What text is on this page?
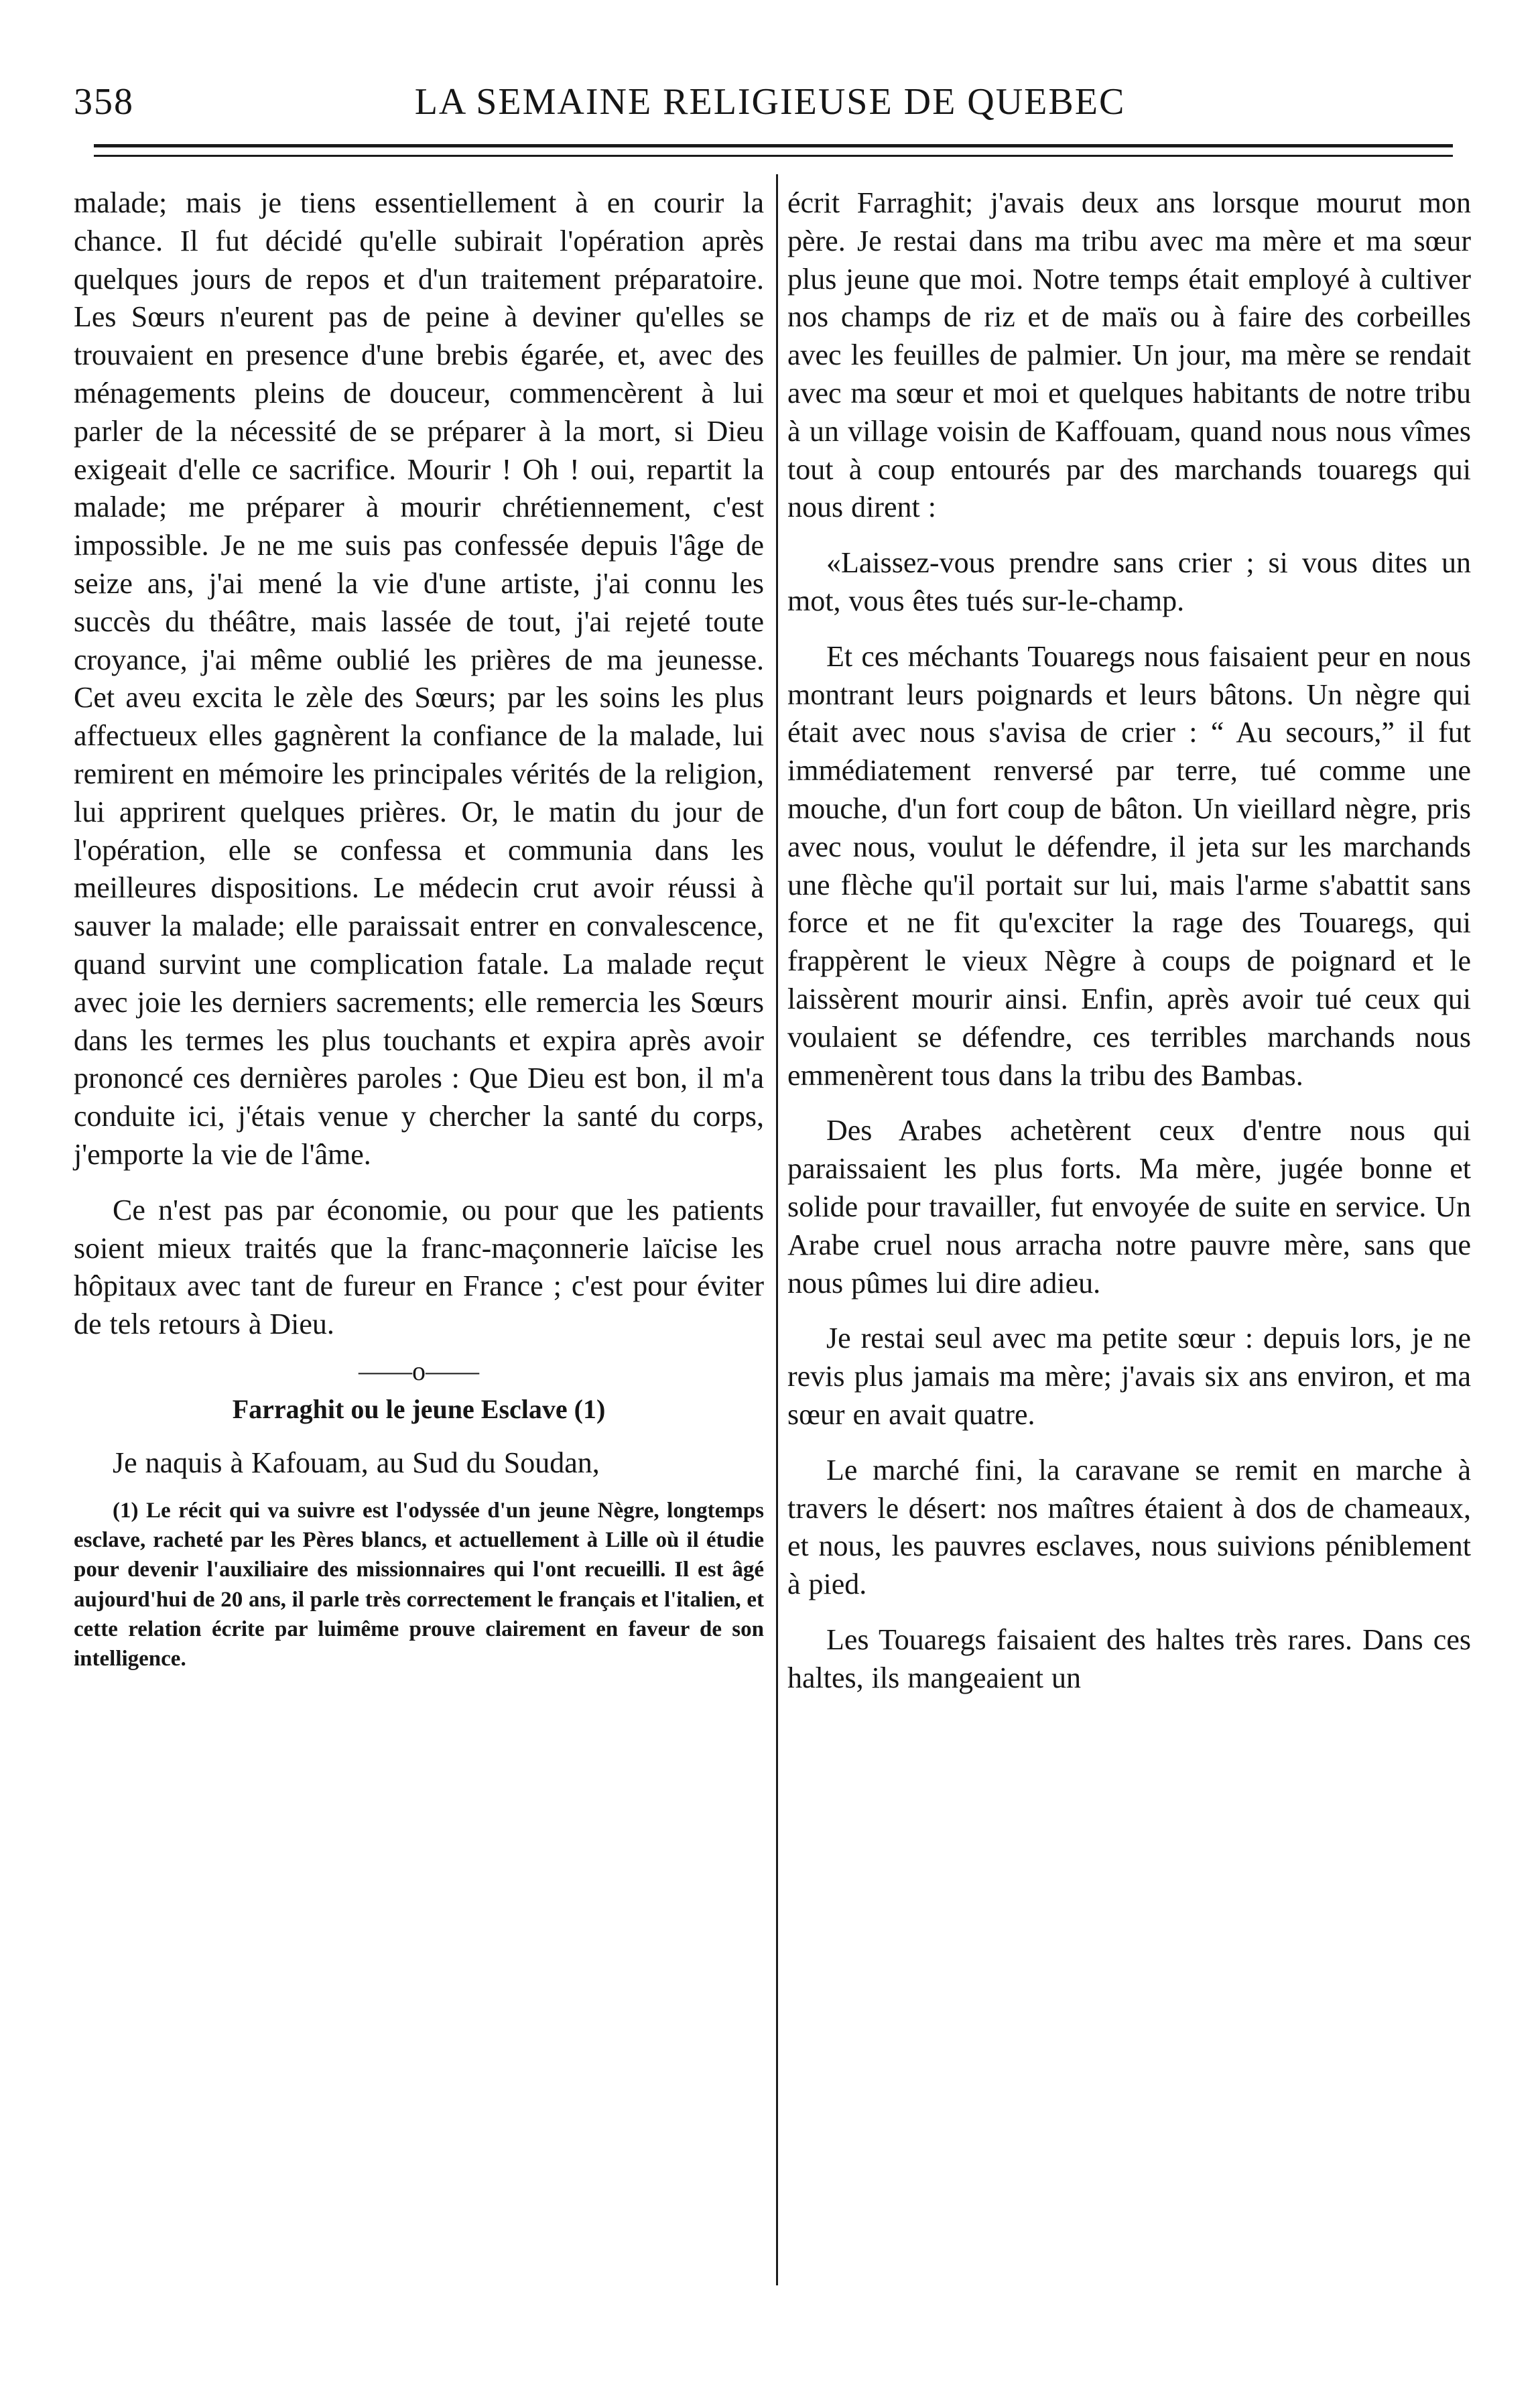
358	LA SEMAINE RELIGIEUSE DE QUEBEC

malade; mais je tiens essentiellement à en courir la chance. Il fut décidé qu'elle subirait l'opération après quelques jours de repos et d'un traitement préparatoire. Les Sœurs n'eurent pas de peine à deviner qu'elles se trouvaient en presence d'une brebis égarée, et, avec des ménagements pleins de douceur, commencèrent à lui parler de la nécessité de se préparer à la mort, si Dieu exigeait d'elle ce sacrifice. Mourir ! Oh ! oui, repartit la malade; me préparer à mourir chrétiennement, c'est impossible. Je ne me suis pas confessée depuis l'âge de seize ans, j'ai mené la vie d'une artiste, j'ai connu les succès du théâtre, mais lassée de tout, j'ai rejeté toute croyance, j'ai même oublié les prières de ma jeunesse. Cet aveu excita le zèle des Sœurs; par les soins les plus affectueux elles gagnèrent la confiance de la malade, lui remirent en mémoire les principales vérités de la religion, lui apprirent quelques prières. Or, le matin du jour de l'opération, elle se confessa et communia dans les meilleures dispositions. Le médecin crut avoir réussi à sauver la malade; elle paraissait entrer en convalescence, quand survint une complication fatale. La malade reçut avec joie les derniers sacrements; elle remercia les Sœurs dans les termes les plus touchants et expira après avoir prononcé ces dernières paroles : Que Dieu est bon, il m'a conduite ici, j'étais venue y chercher la santé du corps, j'emporte la vie de l'âme.

Ce n'est pas par économie, ou pour que les patients soient mieux traités que la franc-maçonnerie laïcise les hôpitaux avec tant de fureur en France ; c'est pour éviter de tels retours à Dieu.

——o——
Farraghit ou le jeune Esclave (1)

Je naquis à Kafouam, au Sud du Soudan,

(1) Le récit qui va suivre est l'odyssée d'un jeune Nègre, longtemps esclave, racheté par les Pères blancs, et actuellement à Lille où il étudie pour devenir l'auxiliaire des missionnaires qui l'ont recueilli. Il est âgé aujourd'hui de 20 ans, il parle très correctement le français et l'italien, et cette relation écrite par luimême prouve clairement en faveur de son intelligence.

écrit Farraghit; j'avais deux ans lorsque mourut mon père. Je restai dans ma tribu avec ma mère et ma sœur plus jeune que moi. Notre temps était employé à cultiver nos champs de riz et de maïs ou à faire des corbeilles avec les feuilles de palmier. Un jour, ma mère se rendait avec ma sœur et moi et quelques habitants de notre tribu à un village voisin de Kaffouam, quand nous nous vîmes tout à coup entourés par des marchands touaregs qui nous dirent :

«Laissez-vous prendre sans crier ; si vous dites un mot, vous êtes tués sur-le-champ.

Et ces méchants Touaregs nous faisaient peur en nous montrant leurs poignards et leurs bâtons. Un nègre qui était avec nous s'avisa de crier : “ Au secours,” il fut immédiatement renversé par terre, tué comme une mouche, d'un fort coup de bâton. Un vieillard nègre, pris avec nous, voulut le défendre, il jeta sur les marchands une flèche qu'il portait sur lui, mais l'arme s'abattit sans force et ne fit qu'exciter la rage des Touaregs, qui frappèrent le vieux Nègre à coups de poignard et le laissèrent mourir ainsi. Enfin, après avoir tué ceux qui voulaient se défendre, ces terribles marchands nous emmenèrent tous dans la tribu des Bambas.

Des Arabes achetèrent ceux d'entre nous qui paraissaient les plus forts. Ma mère, jugée bonne et solide pour travailler, fut envoyée de suite en service. Un Arabe cruel nous arracha notre pauvre mère, sans que nous pûmes lui dire adieu.

Je restai seul avec ma petite sœur : depuis lors, je ne revis plus jamais ma mère; j'avais six ans environ, et ma sœur en avait quatre.

Le marché fini, la caravane se remit en marche à travers le désert: nos maîtres étaient à dos de chameaux, et nous, les pauvres esclaves, nous suivions péniblement à pied.

Les Touaregs faisaient des haltes très rares. Dans ces haltes, ils mangeaient un
